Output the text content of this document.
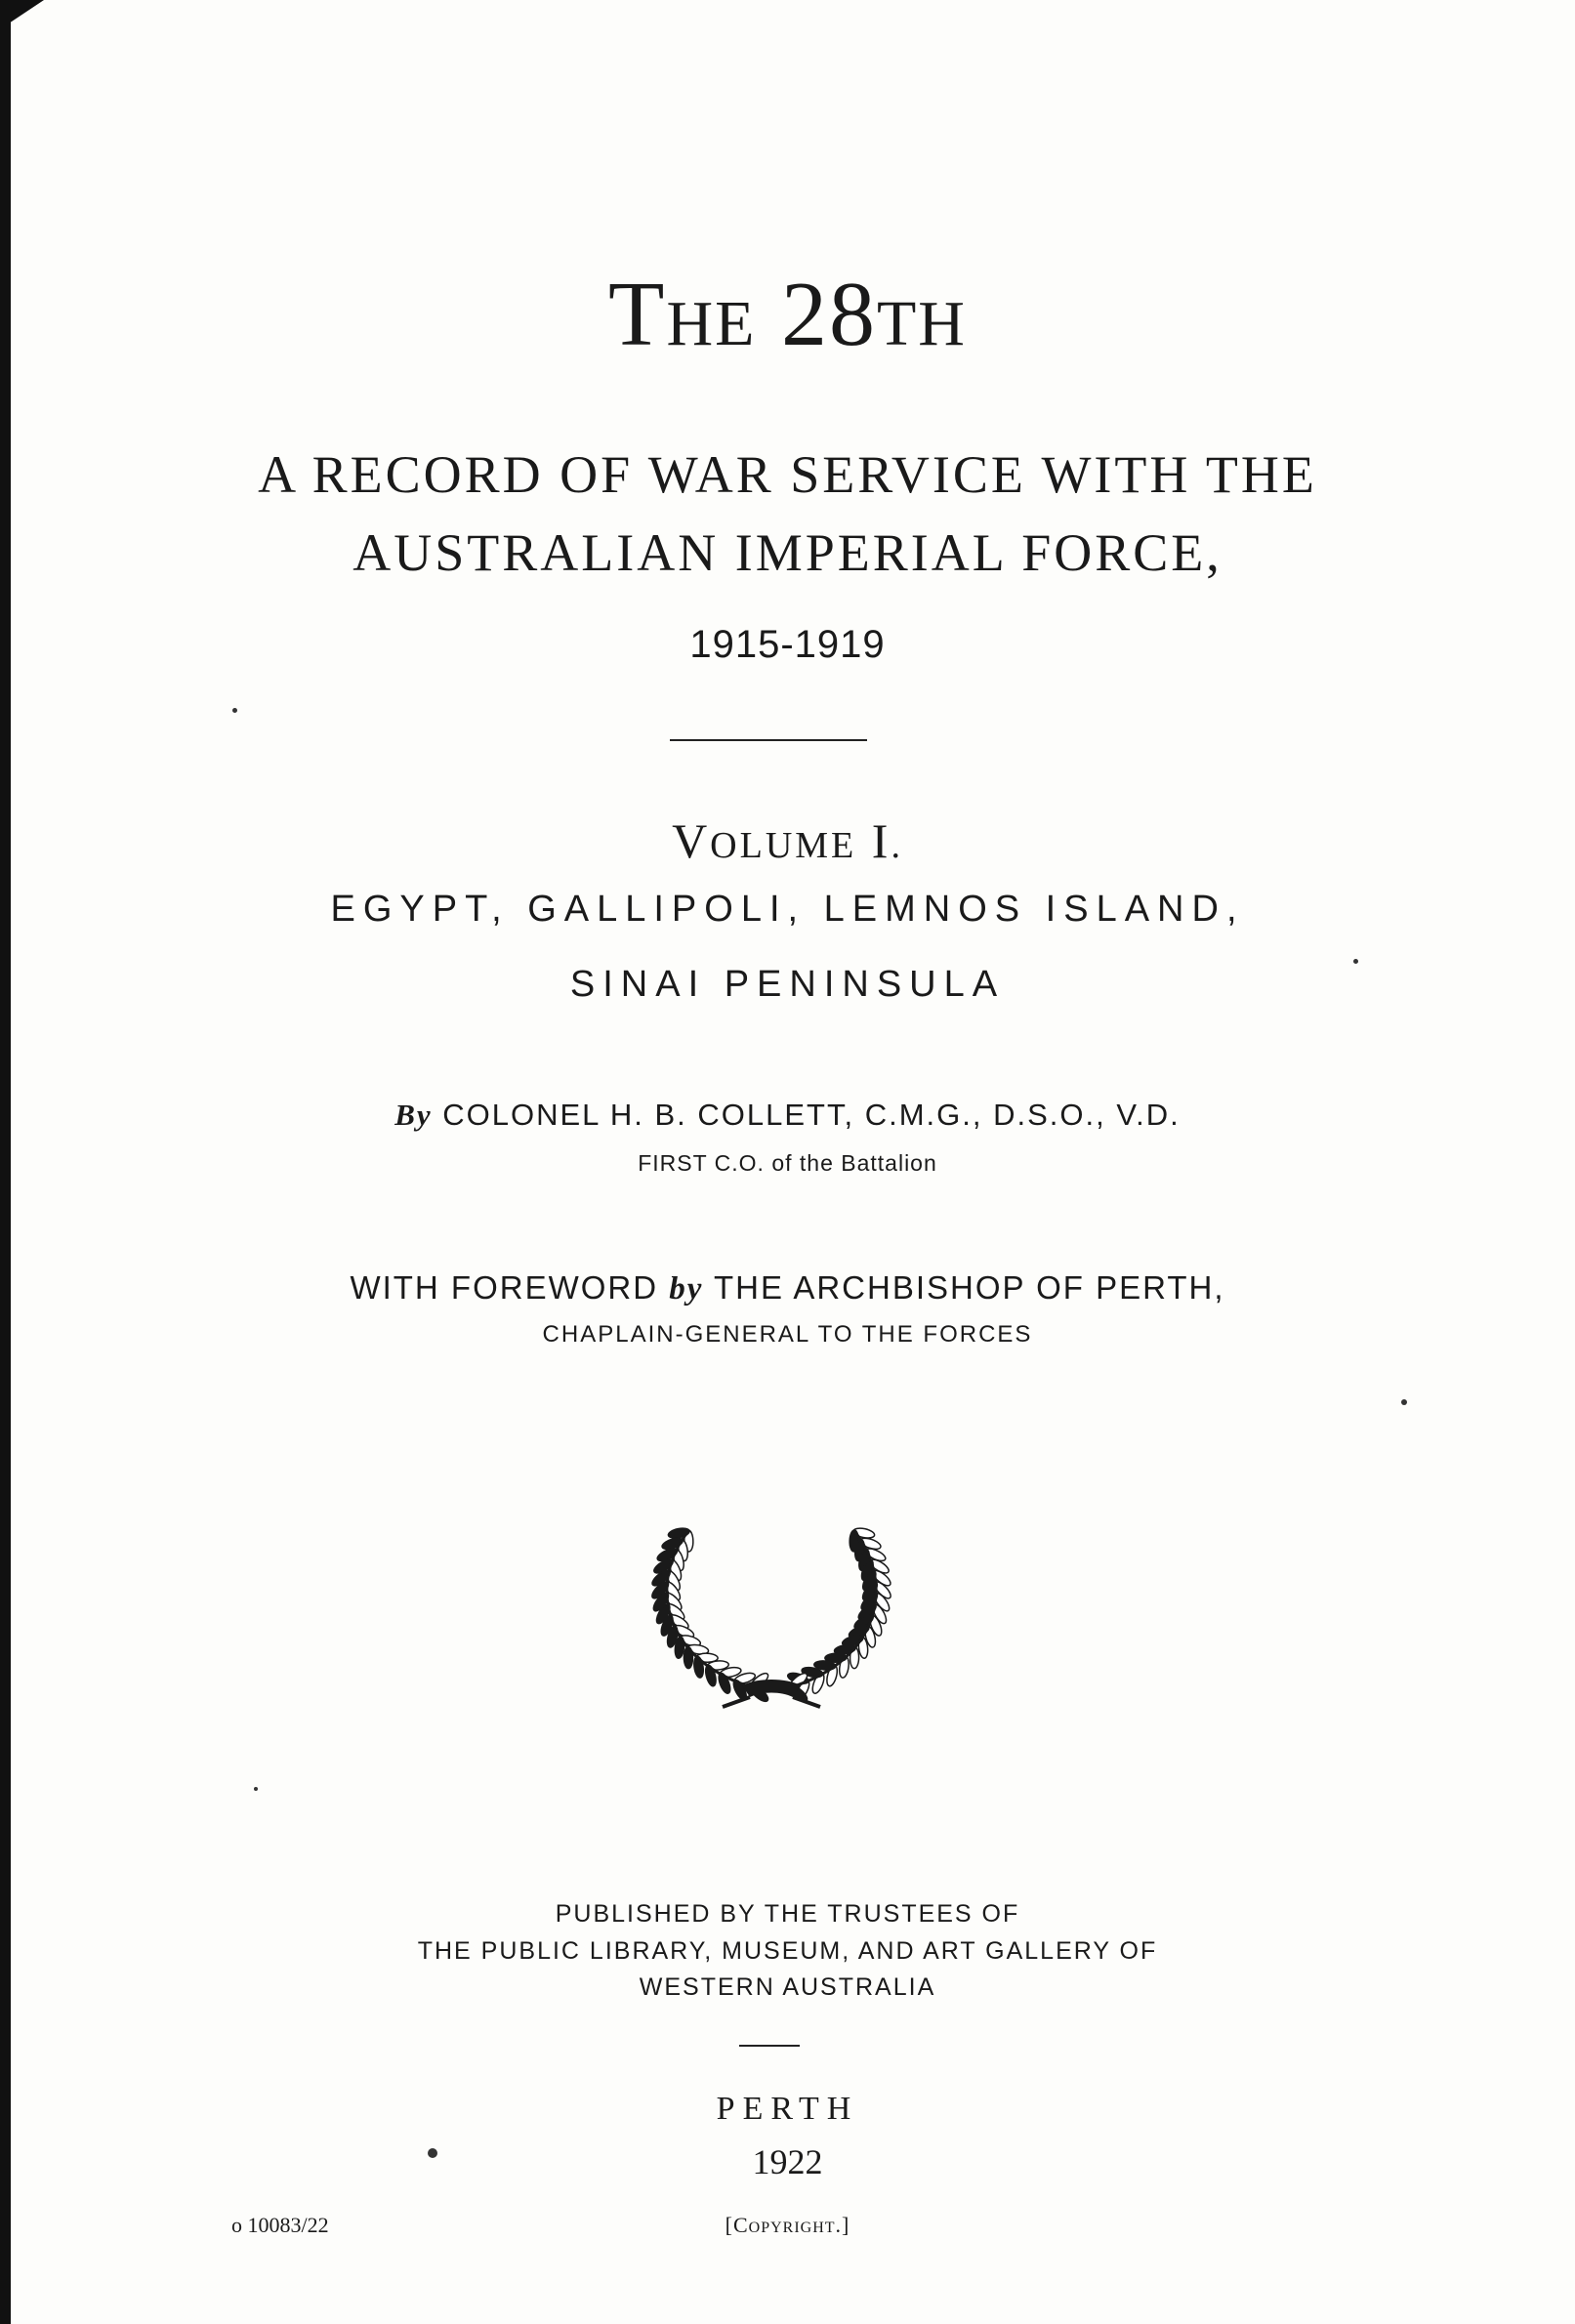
THE 28TH
A RECORD OF WAR SERVICE WITH THE
AUSTRALIAN IMPERIAL FORCE,
1915-1919
VOLUME I.
EGYPT, GALLIPOLI, LEMNOS ISLAND,
SINAI PENINSULA
By COLONEL H. B. COLLETT, C.M.G., D.S.O., V.D.
FIRST C.O. of the Battalion
WITH FOREWORD by THE ARCHBISHOP OF PERTH,
CHAPLAIN-GENERAL TO THE FORCES
PUBLISHED BY THE TRUSTEES OF
THE PUBLIC LIBRARY, MUSEUM, AND ART GALLERY OF
WESTERN AUSTRALIA
PERTH
1922
[COPYRIGHT.]
o 10083/22
